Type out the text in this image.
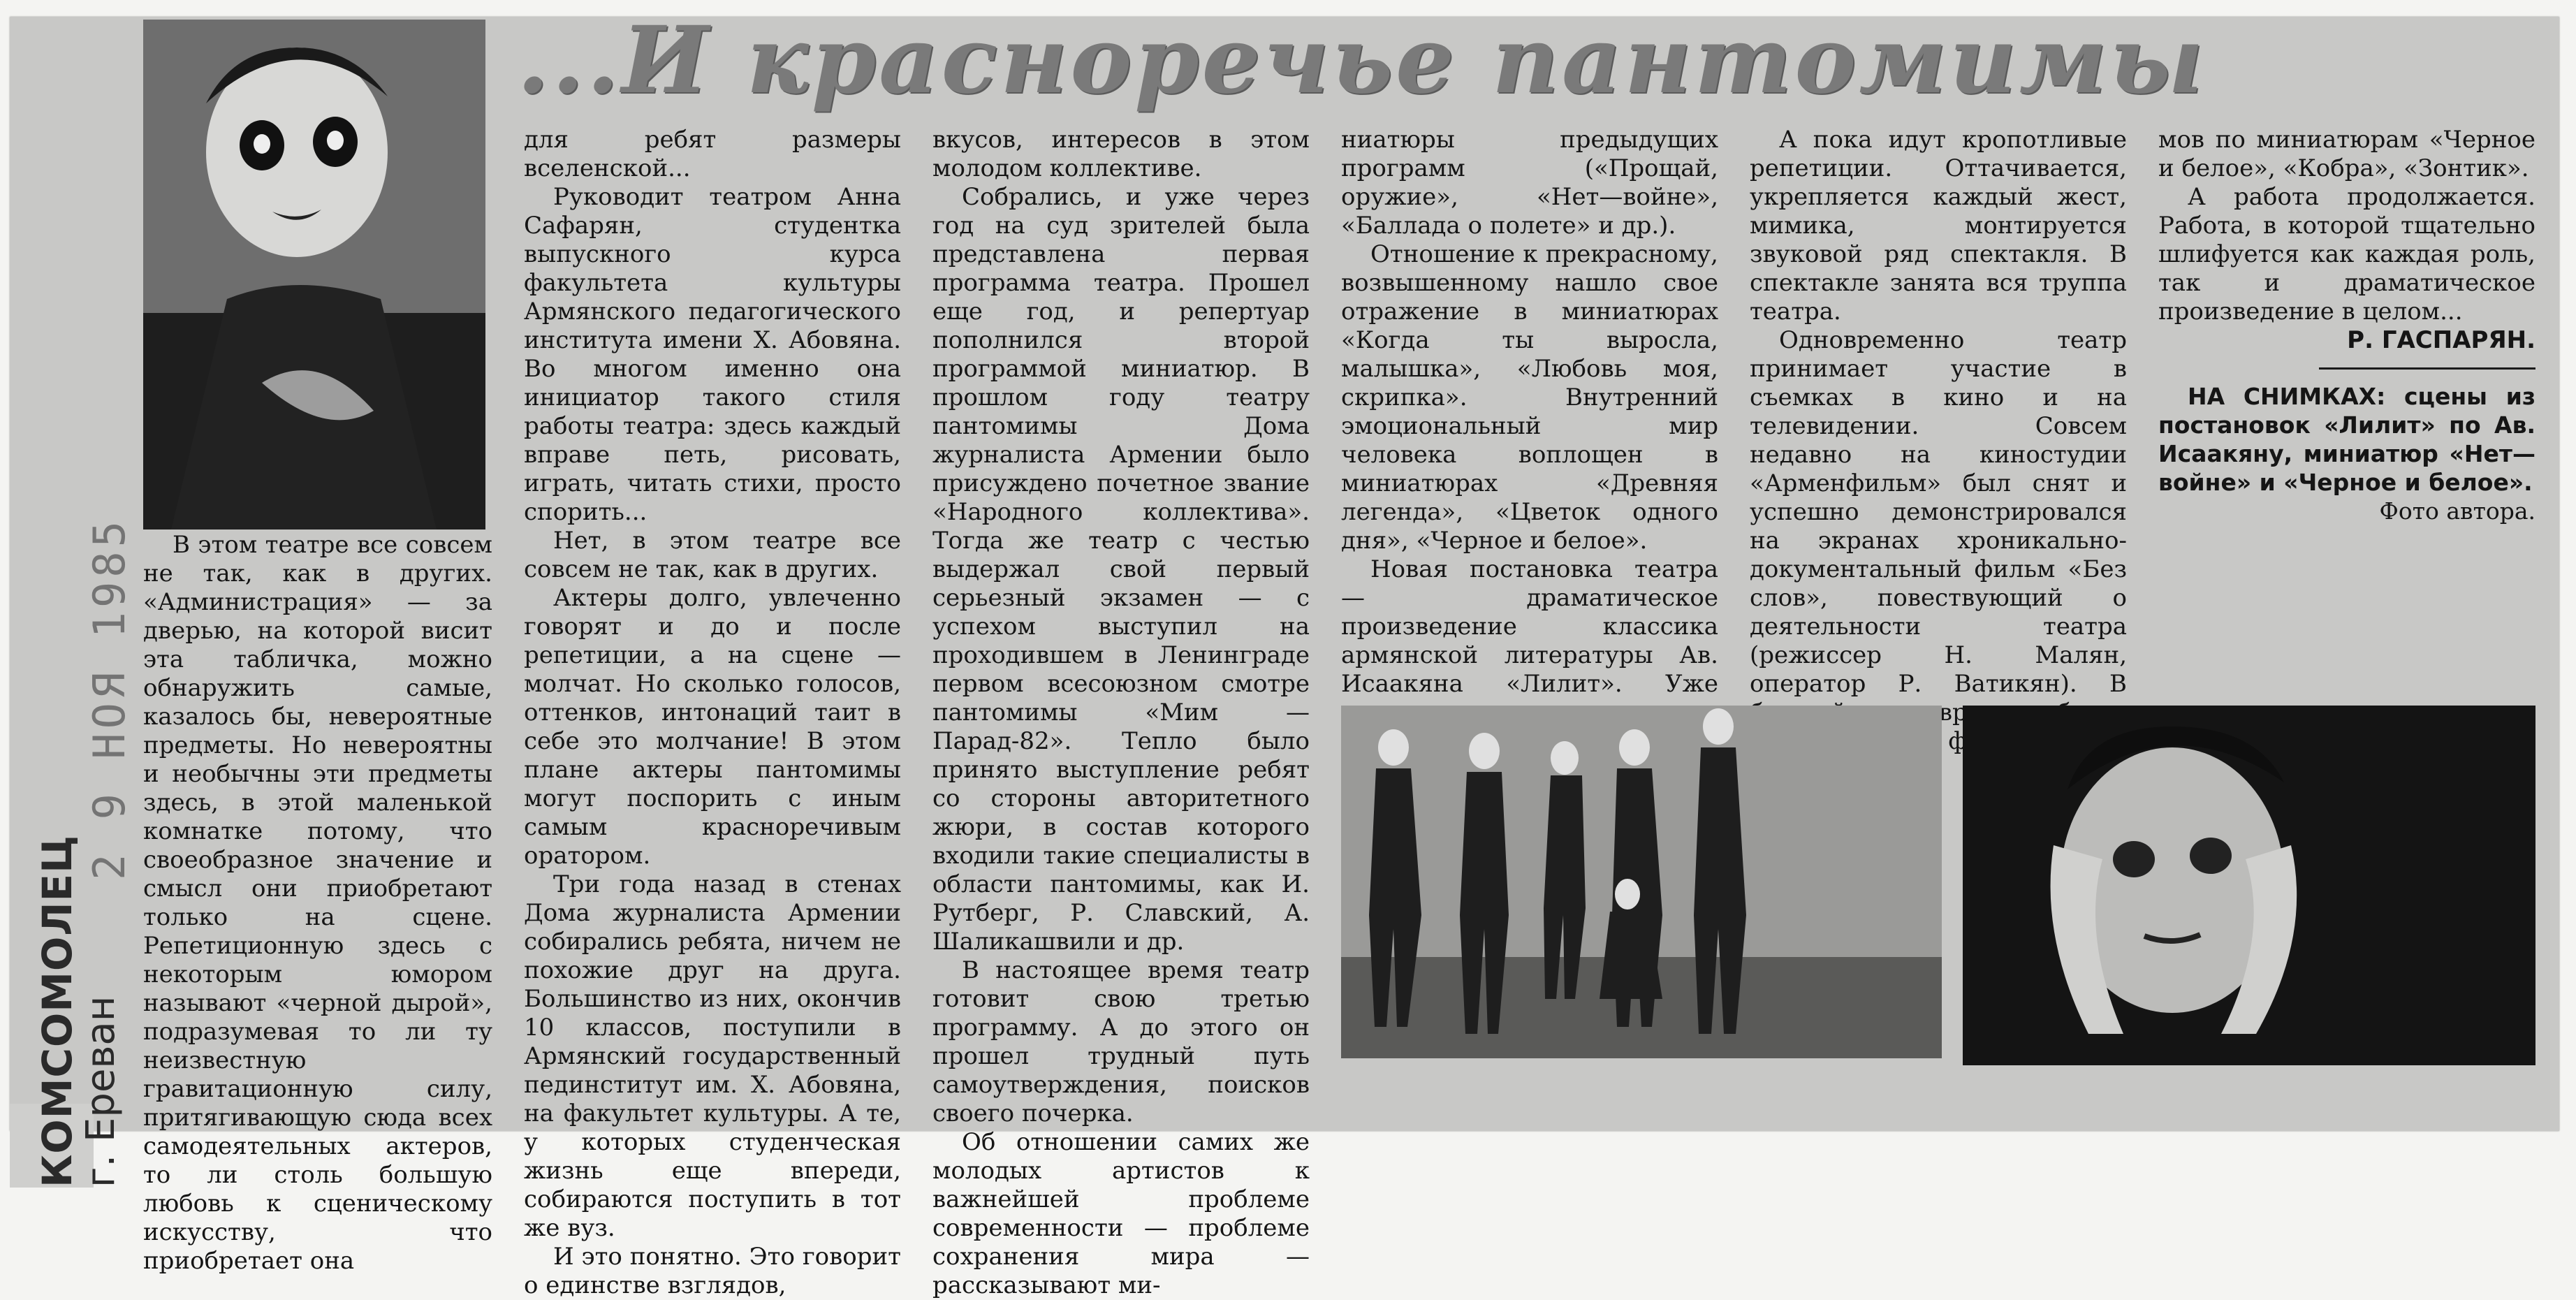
КОМСОМОЛЕЦ
г. Ереван
2 9 НОЯ 1985
...И красноречье пантомимы

В этом театре все совсем не так, как в других. «Администрация» — за дверью, на которой висит эта табличка, можно обнаружить самые, казалось бы, невероятные предметы. Но невероятны и необычны эти предметы здесь, в этой маленькой комнатке потому, что своеобразное значение и смысл они приобретают только на сцене. Репетиционную здесь с некоторым юмором называют «черной дырой», подразумевая то ли ту неизвестную гравитационную силу, притягивающую сюда всех самодеятельных актеров, то ли столь большую любовь к сценическому искусству, что приобретает она

для ребят размеры вселенской...

Руководит театром Анна Сафарян, студентка выпускного курса факультета культуры Армянского педагогического института имени Х. Абовяна. Во многом именно она инициатор такого стиля работы театра: здесь каждый вправе петь, рисовать, играть, читать стихи, просто спорить...

Нет, в этом театре все совсем не так, как в других.

Актеры долго, увлеченно говорят и до и после репетиции, а на сцене — молчат. Но сколько голосов, оттенков, интонаций таит в себе это молчание! В этом плане актеры пантомимы могут поспорить с иным самым красноречивым оратором.

Три года назад в стенах Дома журналиста Армении собирались ребята, ничем не похожие друг на друга. Большинство из них, окончив 10 классов, поступили в Армянский государственный пединститут им. Х. Абовяна, на факультет культуры. А те, у которых студенческая жизнь еще впереди, собираются поступить в тот же вуз.

И это понятно. Это говорит о единстве взглядов,

вкусов, интересов в этом молодом коллективе.

Собрались, и уже через год на суд зрителей была представлена первая программа театра. Прошел еще год, и репертуар пополнился второй программой миниатюр. В прошлом году театру пантомимы Дома журналиста Армении было присуждено почетное звание «Народного коллектива». Тогда же театр с честью выдержал свой первый серьезный экзамен — с успехом выступил на проходившем в Ленинграде первом всесоюзном смотре пантомимы «Мим — Парад-82». Тепло было принято выступление ребят со стороны авторитетного жюри, в состав которого входили такие специалисты в области пантомимы, как И. Рутберг, Р. Славский, А. Шаликашвили и др.

В настоящее время театр готовит свою третью программу. А до этого он прошел трудный путь самоутверждения, поисков своего почерка.

Об отношении самих же молодых артистов к важнейшей проблеме современности — проблеме сохранения мира — рассказывают ми-

ниатюры предыдущих программ («Прощай, оружие», «Нет—войне», «Баллада о полете» и др.).

Отношение к прекрасному, возвышенному нашло свое отражение в миниатюрах «Когда ты выросла, малышка», «Любовь моя, скрипка». Внутренний эмоциональный мир человека воплощен в миниатюрах «Древняя легенда», «Цветок одного дня», «Черное и белое».

Новая постановка театра — драматическое произведение классика армянской литературы Ав. Исаакяна «Лилит». Уже

А пока идут кропотливые репетиции. Оттачивается, укрепляется каждый жест, мимика, монтируется звуковой ряд спектакля. В спектакле занята вся труппа театра.

Одновременно театр принимает участие в съемках в кино и на телевидении. Совсем недавно на киностудии «Арменфильм» был снят и успешно демонстрировался на экранах хроникально-документальный фильм «Без слов», повествующий о деятельности театра (режиссер Н. Малян, оператор Р. Ватикян). В

мов по миниатюрам «Черное и белое», «Кобра», «Зонтик».

А работа продолжается. Работа, в которой тщательно шлифуется как каждая роль, так и драматическое произведение в целом...

Р. ГАСПАРЯН.

НА СНИМКАХ: сцены из постановок «Лилит» по Ав. Исаакяну, миниатюр «Нет—войне» и «Черное и белое».

Фото автора.
